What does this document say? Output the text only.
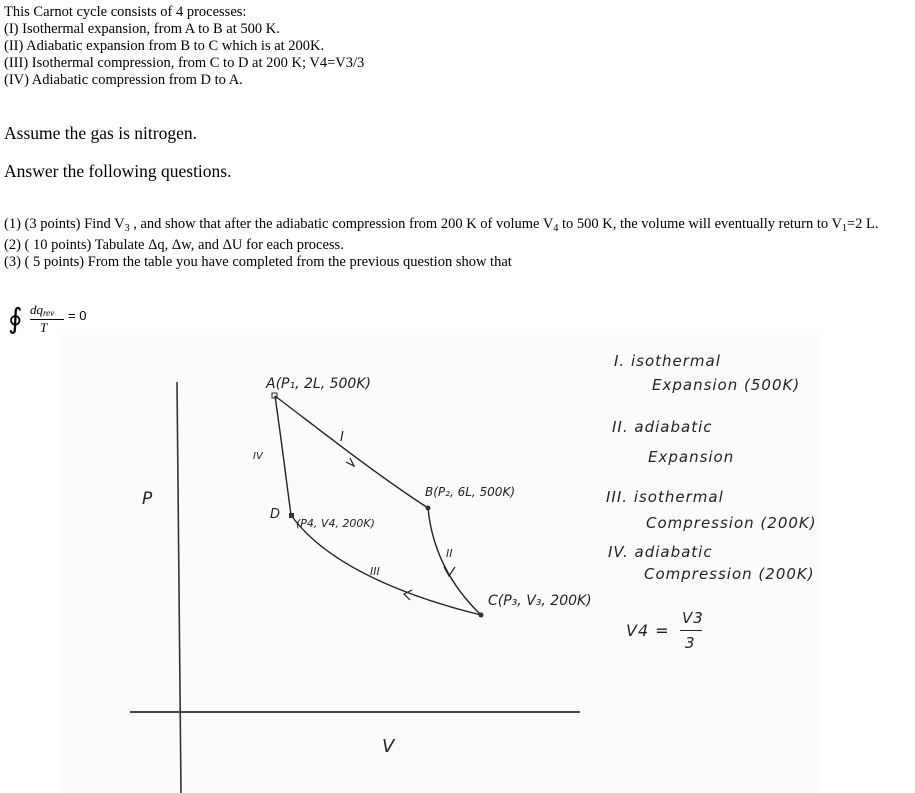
This Carnot cycle consists of 4 processes:
(I) Isothermal expansion, from A to B at 500 K.
(II) Adiabatic expansion from B to C which is at 200K.
(III) Isothermal compression, from C to D at 200 K; V4=V3/3
(IV) Adiabatic compression from D to A.
Assume the gas is nitrogen.
Answer the following questions.
(1) (3 points) Find $V_3$ , and show that after the adiabatic compression from 200 K of volume $V_4$ to 500 K, the volume will eventually return to $V_1=2$ L.
(2) ( 10 points) Tabulate Δq, Δw, and ΔU for each process.
(3) ( 5 points) From the table you have completed from the previous question show that
∮ $dq_{rev}$
T
= 0
P
V
A(P₁, 2L, 500K)
B(P₂, 6L, 500K)
C(P₃, V₃, 200K)
D
(P4, V4, 200K)
I
II
III
IV
I. isothermal
Expansion (500K)
II. adiabatic
Expansion
III. isothermal
Compression (200K)
IV. adiabatic
Compression (200K)
V4 =
V3
3
